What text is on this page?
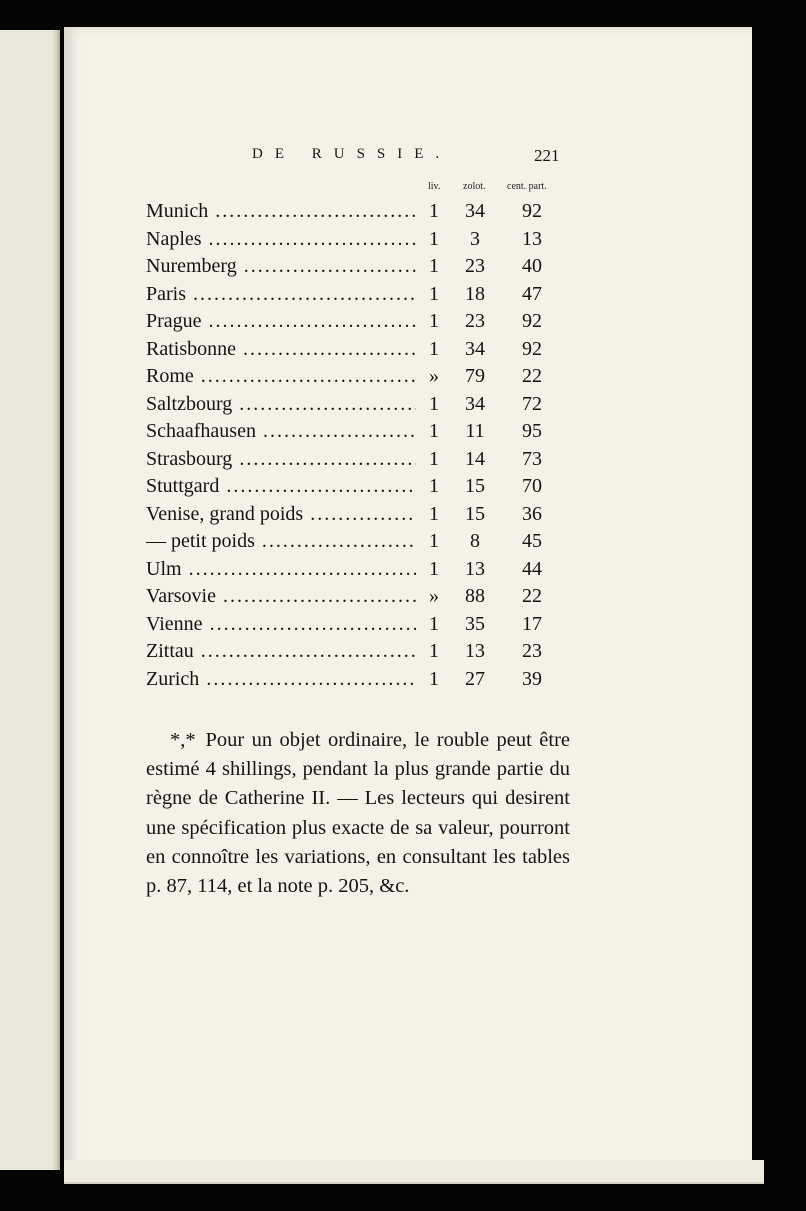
DE RUSSIE.	221
liv. zolot. cent. part.
Munich .....	1	34	92
Naples .....	1	3	13
Nuremberg .....	1	23	40
Paris .....	1	18	47
Prague .....	1	23	92
Ratisbonne .....	1	34	92
Rome .....	»	79	22
Saltzbourg .....	1	34	72
Schaafhausen .....	1	11	95
Strasbourg .....	1	14	73
Stuttgard .....	1	15	70
Venise, grand poids .....	1	15	36
— petit poids .....	1	8	45
Ulm .....	1	13	44
Varsovie .....	»	88	22
Vienne .....	1	35	17
Zittau .....	1	13	23
Zurich .....	1	27	39
*,* Pour un objet ordinaire, le rouble peut être estimé 4 shillings, pendant la plus grande partie du règne de Catherine II. — Les lecteurs qui desirent une spécification plus exacte de sa valeur, pourront en connoître les variations, en consultant les tables p. 87, 114, et la note p. 205, &c.
